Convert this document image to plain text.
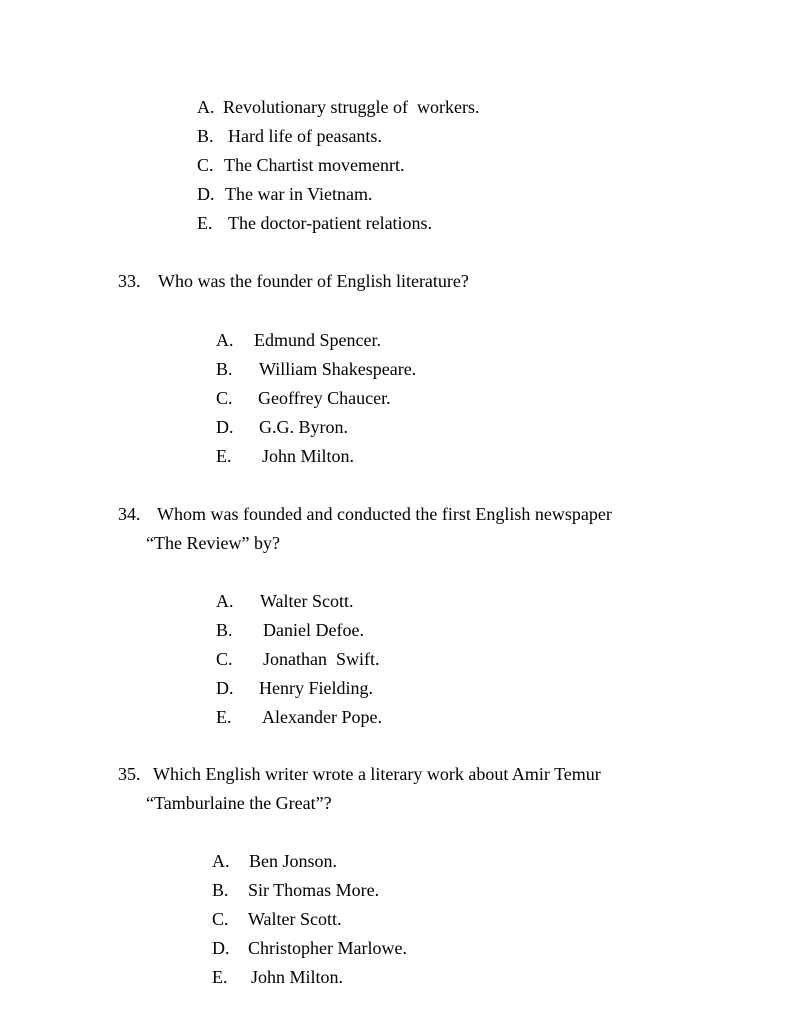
A. Revolutionary struggle of  workers.

B. Hard life of peasants.

C. The Chartist movemenrt.

D. The war in Vietnam.

E. The doctor-patient relations.

33. Who was the founder of English literature?

A. Edmund Spencer.

B. William Shakespeare.

C. Geoffrey Chaucer.

D. G.G. Byron.

E. John Milton.

34. Whom was founded and conducted the first English newspaper

“The Review” by?

A. Walter Scott.

B. Daniel Defoe.

C. Jonathan  Swift.

D. Henry Fielding.

E. Alexander Pope.

35. Which English writer wrote a literary work about Amir Temur

“Tamburlaine the Great”?

A. Ben Jonson.

B. Sir Thomas More.

C. Walter Scott.

D. Christopher Marlowe.

E. John Milton.
